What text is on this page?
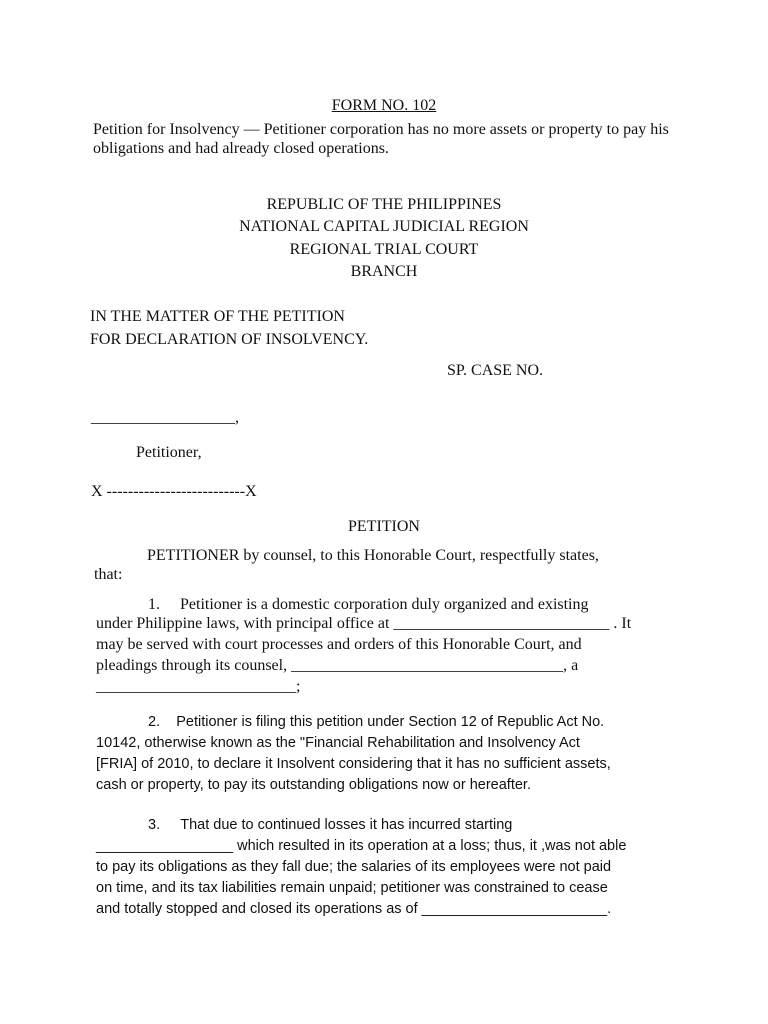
FORM NO. 102
Petition for Insolvency — Petitioner corporation has no more assets or property to pay his obligations and had already closed operations.
REPUBLIC OF THE PHILIPPINES
NATIONAL CAPITAL JUDICIAL REGION
REGIONAL TRIAL COURT
BRANCH
IN THE MATTER OF THE PETITION
FOR DECLARATION OF INSOLVENCY.
SP. CASE NO.
__________________,
Petitioner,
X --------------------------X
PETITION
PETITIONER by counsel, to this Honorable Court, respectfully states,
that:
1. Petitioner is a domestic corporation duly organized and existing
under Philippine laws, with principal office at ___________________________ . It
may be served with court processes and orders of this Honorable Court, and
pleadings through its counsel, __________________________________, a
_________________________;
2. Petitioner is filing this petition under Section 12 of Republic Act No.
10142, otherwise known as the "Financial Rehabilitation and Insolvency Act
[FRIA] of 2010, to declare it Insolvent considering that it has no sufficient assets,
cash or property, to pay its outstanding obligations now or hereafter.
3. That due to continued losses it has incurred starting
_________________ which resulted in its operation at a loss; thus, it ,was not able
to pay its obligations as they fall due; the salaries of its employees were not paid
on time, and its tax liabilities remain unpaid; petitioner was constrained to cease
and totally stopped and closed its operations as of _______________________.
